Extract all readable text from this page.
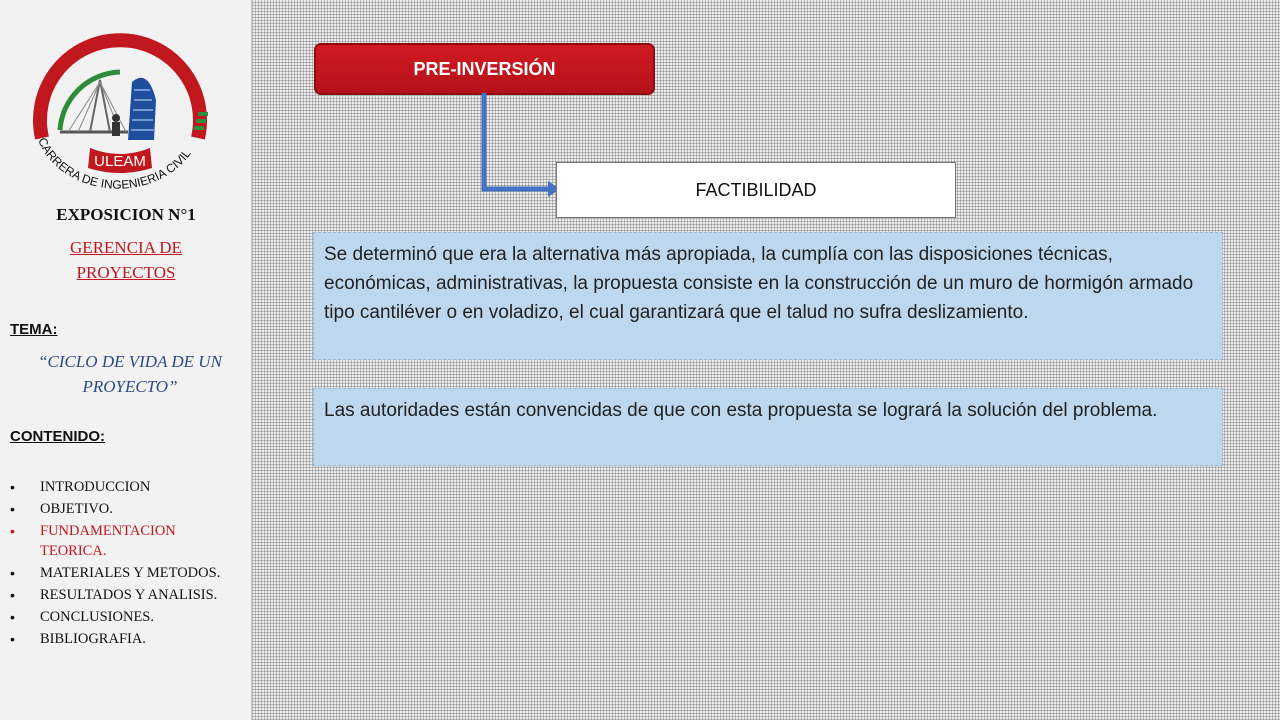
ULEAM
CARRERA DE INGENIERIA CIVIL
EXPOSICION N°1
GERENCIA DE PROYECTOS
TEMA:
“CICLO DE VIDA DE UN PROYECTO”
CONTENIDO:
• INTRODUCCION
• OBJETIVO.
• FUNDAMENTACION TEORICA.
• MATERIALES Y METODOS.
• RESULTADOS Y ANALISIS.
• CONCLUSIONES.
• BIBLIOGRAFIA.
PRE-INVERSIÓN
FACTIBILIDAD
Se determinó que era la alternativa más apropiada, la cumplía con las disposiciones técnicas, económicas, administrativas, la propuesta consiste en la construcción de un muro de hormigón armado tipo cantiléver o en voladizo, el cual garantizará que el talud no sufra deslizamiento.
Las autoridades están convencidas de que con esta propuesta se logrará la solución del problema.
